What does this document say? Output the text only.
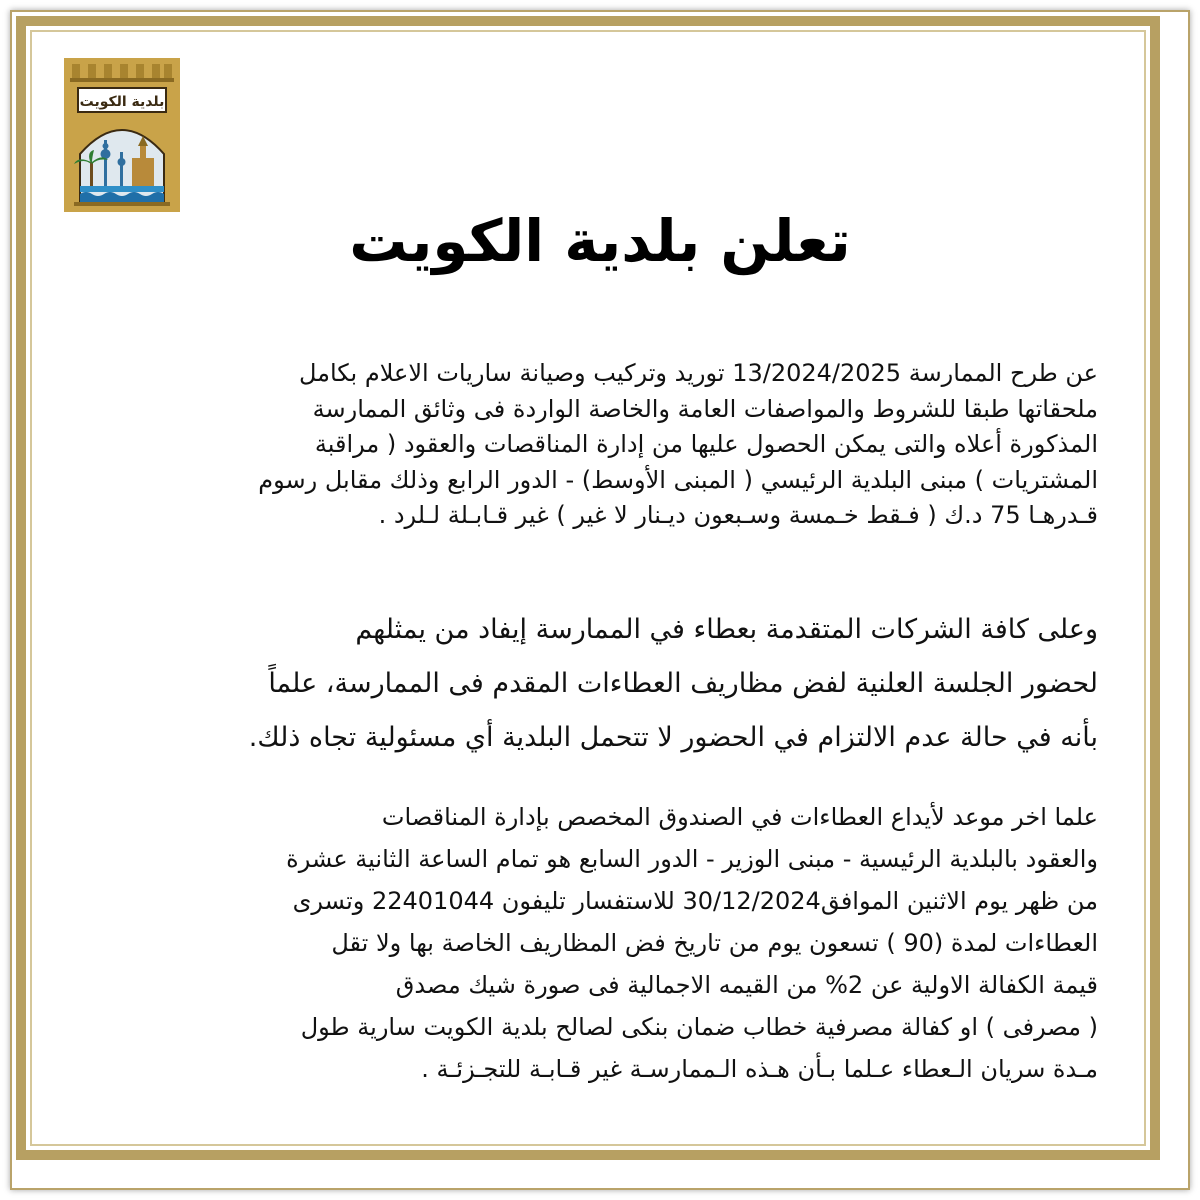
بلدية الكويت
تعلن بلدية الكويت
عن طرح الممارسة 13/2024/2025 توريد وتركيب وصيانة ساريات الاعلام بكامل
ملحقاتها طبقا للشروط والمواصفات العامة والخاصة الواردة فى وثائق الممارسة
المذكورة أعلاه والتى يمكن الحصول عليها من إدارة المناقصات والعقود ( مراقبة
المشتريات ) مبنى البلدية الرئيسي ( المبنى الأوسط) - الدور الرابع وذلك مقابل رسوم
قـدرهـا 75 د.ك ( فـقط خـمسة وسـبعون ديـنار لا غير ) غير قـابـلة لـلرد .
وعلى كافة الشركات المتقدمة بعطاء في الممارسة إيفاد من يمثلهم
لحضور الجلسة العلنية لفض مظاريف العطاءات المقدم فى الممارسة، علماً
بأنه في حالة عدم الالتزام في الحضور لا تتحمل البلدية أي مسئولية تجاه ذلك.
علما اخر موعد لأيداع العطاءات في الصندوق المخصص بإدارة المناقصات
والعقود بالبلدية الرئيسية - مبنى الوزير - الدور السابع هو تمام الساعة الثانية عشرة
من ظهر يوم الاثنين الموافق30/12/2024 للاستفسار تليفون 22401044 وتسرى
العطاءات لمدة (90 ) تسعون يوم من تاريخ فض المظاريف الخاصة بها ولا تقل
قيمة الكفالة الاولية عن 2% من القيمه الاجمالية فى صورة شيك مصدق
( مصرفى ) او كفالة مصرفية خطاب ضمان بنكى لصالح بلدية الكويت سارية طول
مـدة سريان الـعطاء عـلما بـأن هـذه الـممارسـة غير قـابـة للتجـزئـة .
